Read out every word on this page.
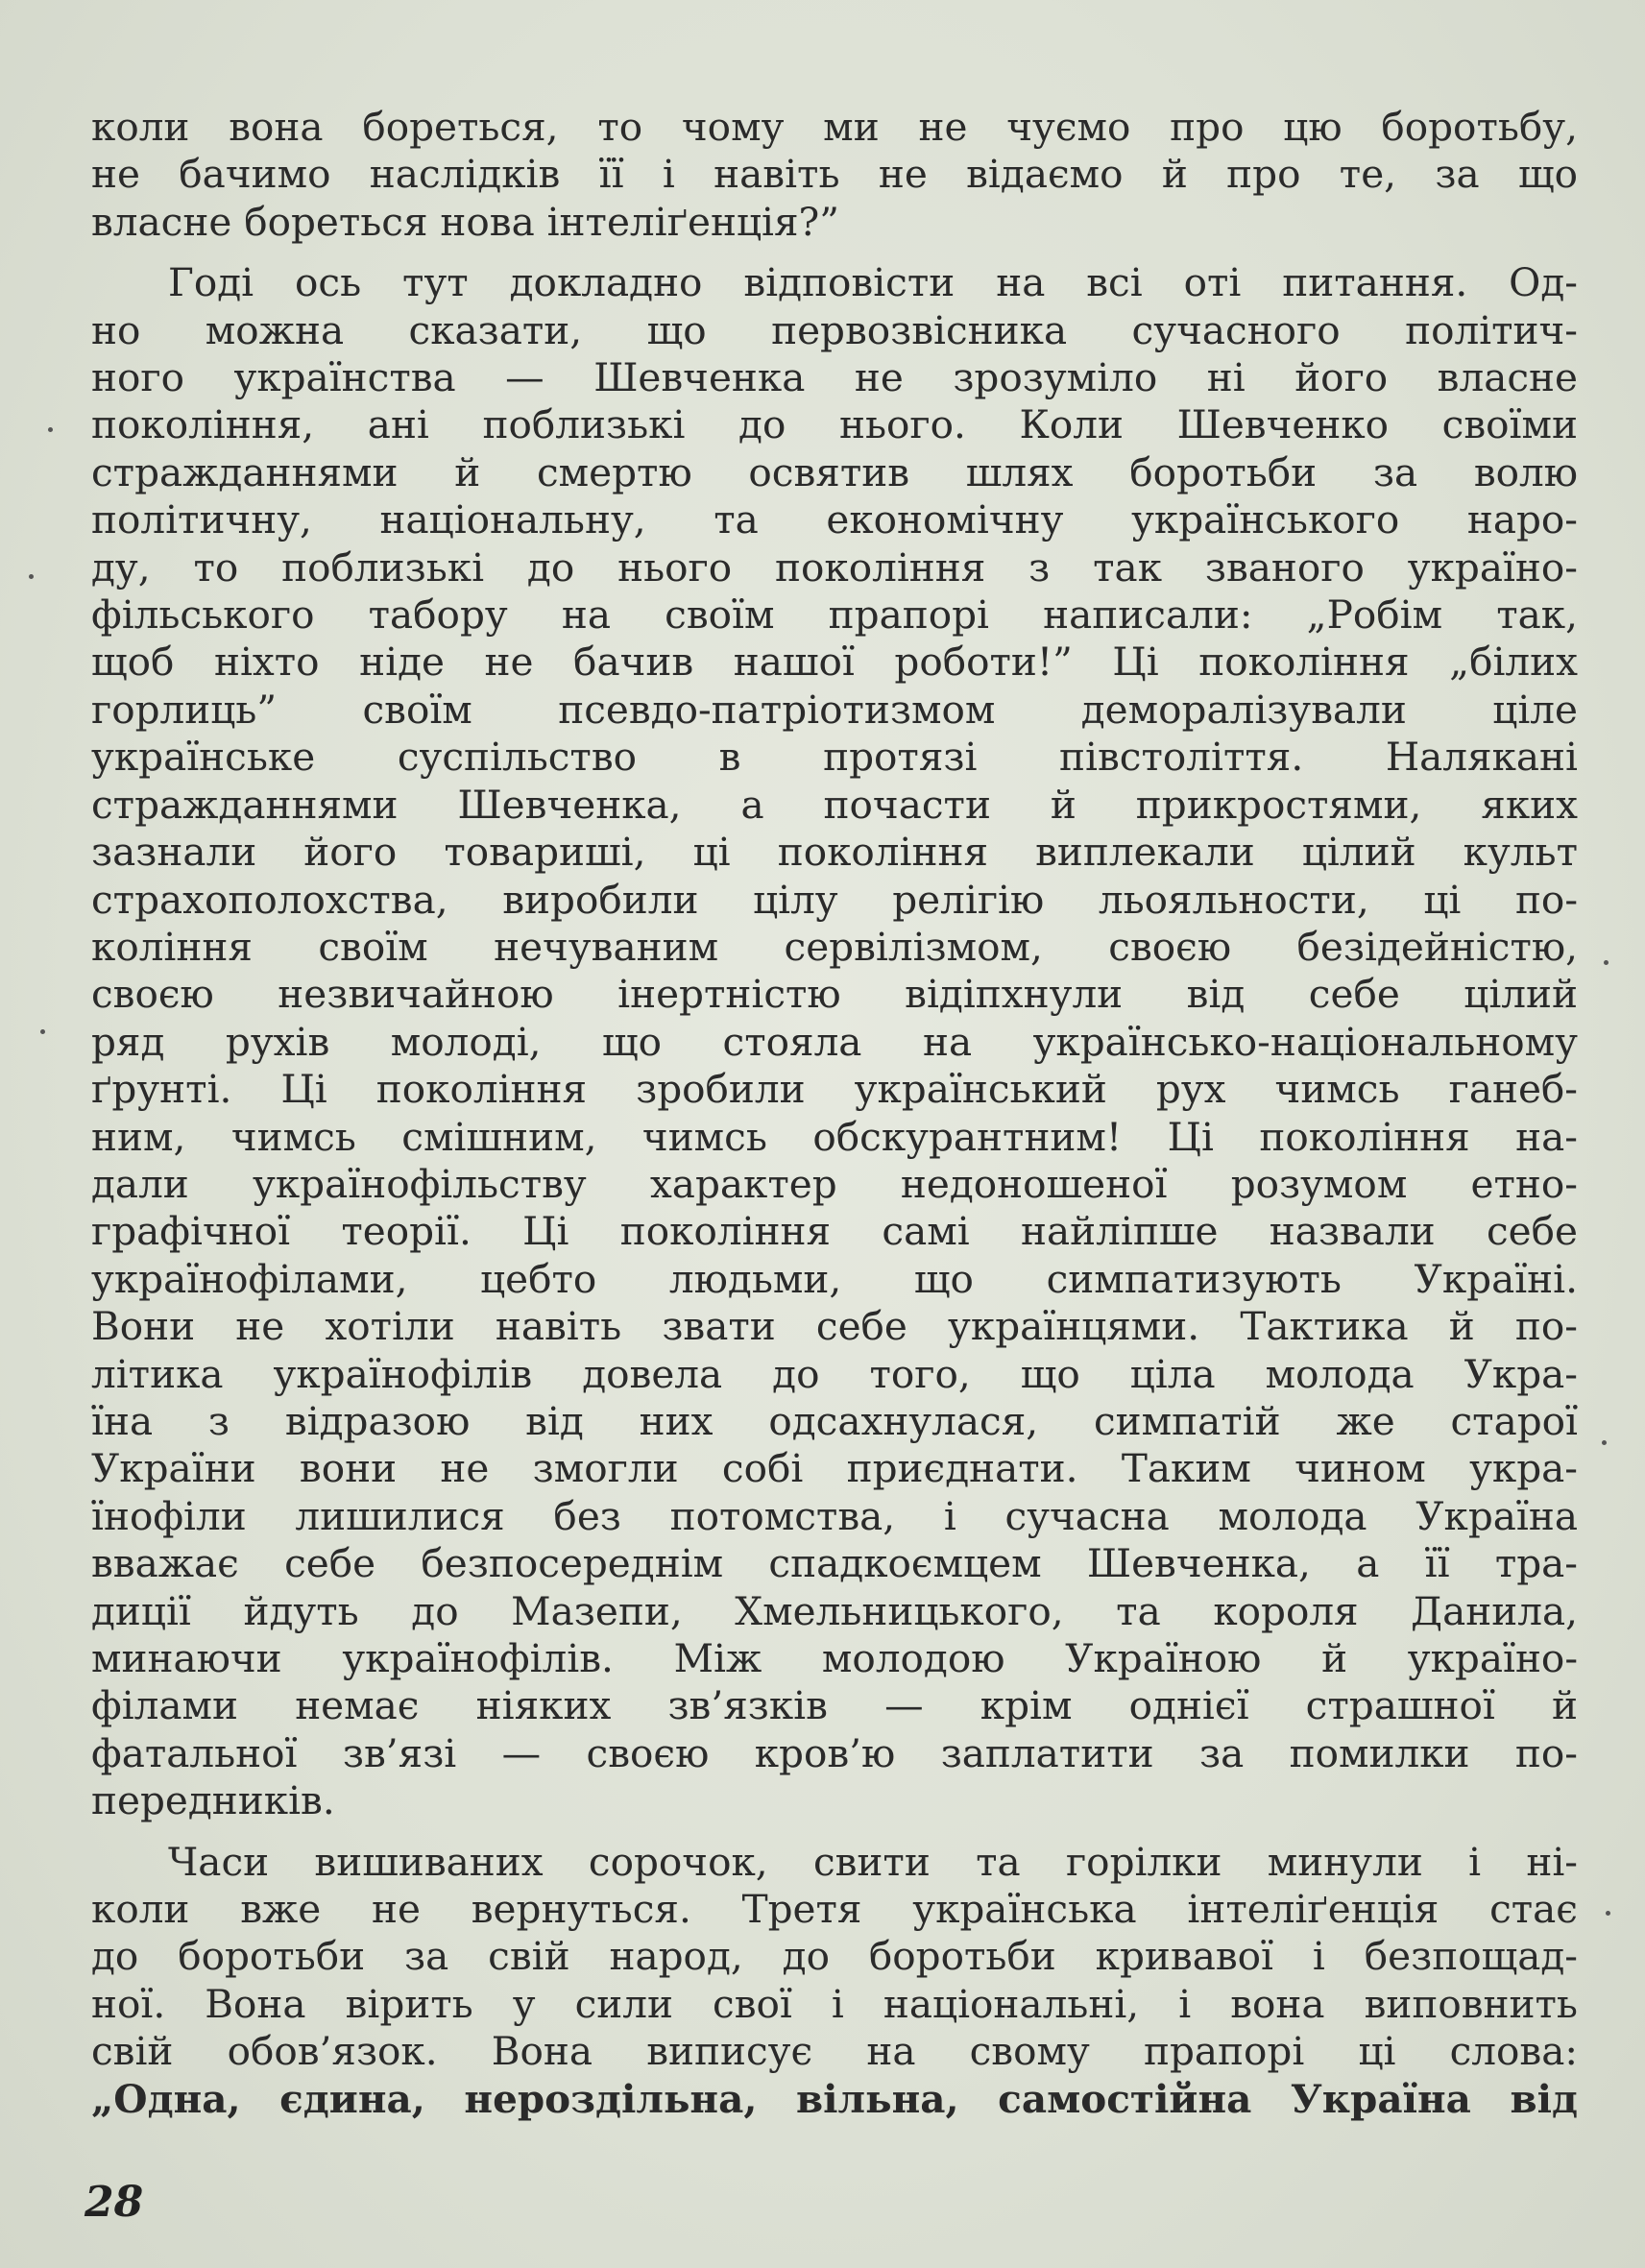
коли вона бореться, то чому ми не чуємо про цю боротьбу,
не бачимо наслідків її і навіть не відаємо й про те, за що
власне бореться нова інтеліґенція?”
Годі ось тут докладно відповісти на всі оті питання. Од-
но можна сказати, що первозвісника сучасного політич-
ного українства — Шевченка не зрозуміло ні його власне
покоління, ані поблизькі до нього. Коли Шевченко своїми
стражданнями й смертю освятив шлях боротьби за волю
політичну, національну, та економічну українського наро-
ду, то поблизькі до нього покоління з так званого україно-
фільського табору на своїм прапорі написали: „Робім так,
щоб ніхто ніде не бачив нашої роботи!” Ці покоління „білих
горлиць” своїм псевдо-патріотизмом деморалізували ціле
українське суспільство в протязі півстоліття. Налякані
стражданнями Шевченка, а почасти й прикростями, яких
зазнали його товариші, ці покоління виплекали цілий культ
страхополохства, виробили цілу релігію льояльности, ці по-
коління своїм нечуваним сервілізмом, своєю безідейністю,
своєю незвичайною інертністю відіпхнули від себе цілий
ряд рухів молоді, що стояла на українсько-національному
ґрунті. Ці покоління зробили український рух чимсь ганеб-
ним, чимсь смішним, чимсь обскурантним! Ці покоління на-
дали українофільству характер недоношеної розумом етно-
графічної теорії. Ці покоління самі найліпше назвали себе
українофілами, цебто людьми, що симпатизують Україні.
Вони не хотіли навіть звати себе українцями. Тактика й по-
літика українофілів довела до того, що ціла молода Укра-
їна з відразою від них одсахнулася, симпатій же старої
України вони не змогли собі приєднати. Таким чином укра-
їнофіли лишилися без потомства, і сучасна молода Україна
вважає себе безпосереднім спадкоємцем Шевченка, а її тра-
диції йдуть до Мазепи, Хмельницького, та короля Данила,
минаючи українофілів. Між молодою Україною й українo-
філами немає ніяких зв’язків — крім однієї страшної й
фатальної зв’язі — своєю кров’ю заплатити за помилки по-
передників.
Часи вишиваних сорочок, свити та горілки минули і ні-
коли вже не вернуться. Третя українська інтеліґенція стає
до боротьби за свій народ, до боротьби кривавої і безпощад-
ної. Вона вірить у сили свої і національні, і вона виповнить
свій обов’язок. Вона виписує на свому прапорі ці слова:
„Одна, єдина, нероздільна, вільна, самостійна Україна від
28
